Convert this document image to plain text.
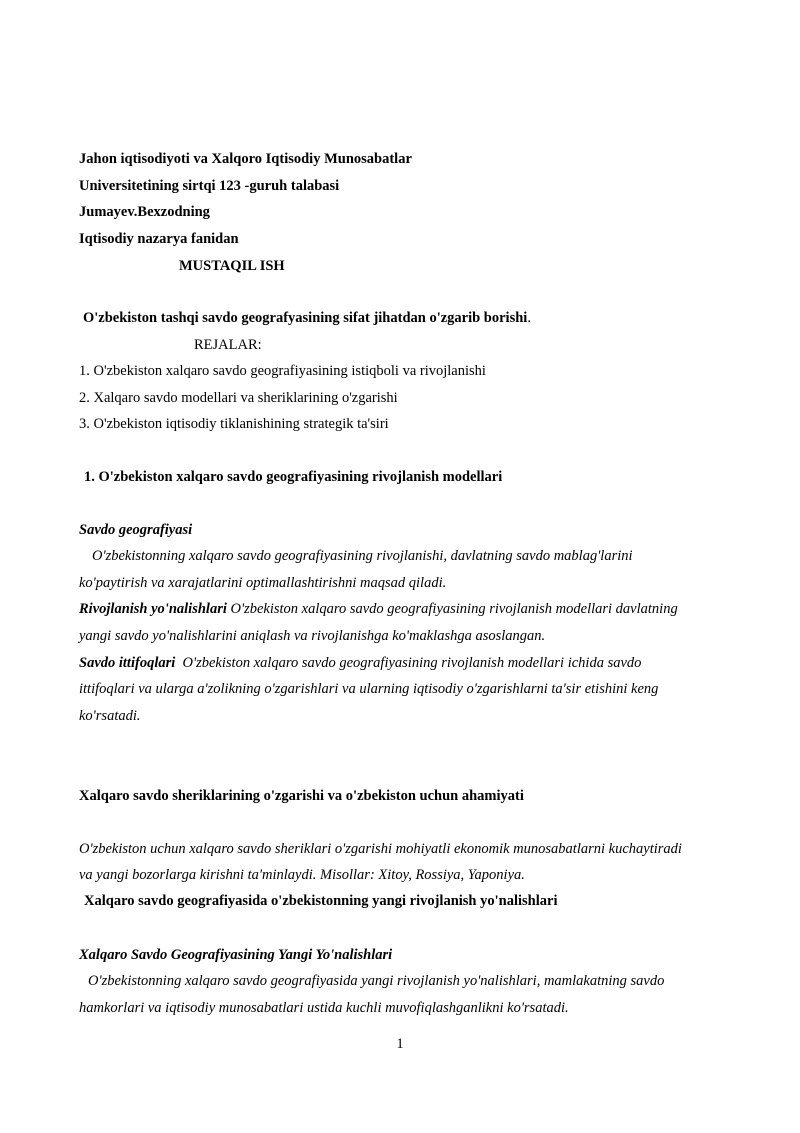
Jahon iqtisodiyoti va Xalqoro Iqtisodiy Munosabatlar
Universitetining sirtqi 123 -guruh talabasi
Jumayev.Bexzodning
Iqtisodiy nazarya fanidan
MUSTAQIL ISH
O'zbekiston tashqi savdo geografyasining sifat jihatdan o'zgarib borishi.
REJALAR:
1. O'zbekiston xalqaro savdo geografiyasining istiqboli va rivojlanishi
2. Xalqaro savdo modellari va sheriklarining o'zgarishi
3. O'zbekiston iqtisodiy tiklanishining strategik ta'siri
1. O'zbekiston xalqaro savdo geografiyasining rivojlanish modellari
Savdo geografiyasi
O'zbekistonning xalqaro savdo geografiyasining rivojlanishi, davlatning savdo mablag'larini
ko'paytirish va xarajatlarini optimallashtirishni maqsad qiladi.
Rivojlanish yo'nalishlari O'zbekiston xalqaro savdo geografiyasining rivojlanish modellari davlatning
yangi savdo yo'nalishlarini aniqlash va rivojlanishga ko'maklashga asoslangan.
Savdo ittifoqlari O'zbekiston xalqaro savdo geografiyasining rivojlanish modellari ichida savdo
ittifoqlari va ularga a'zolikning o'zgarishlari va ularning iqtisodiy o'zgarishlarni ta'sir etishini keng
ko'rsatadi.
Xalqaro savdo sheriklarining o'zgarishi va o'zbekiston uchun ahamiyati
O'zbekiston uchun xalqaro savdo sheriklari o'zgarishi mohiyatli ekonomik munosabatlarni kuchaytiradi
va yangi bozorlarga kirishni ta'minlaydi. Misollar: Xitoy, Rossiya, Yaponiya.
Xalqaro savdo geografiyasida o'zbekistonning yangi rivojlanish yo'nalishlari
Xalqaro Savdo Geografiyasining Yangi Yo'nalishlari
O'zbekistonning xalqaro savdo geografiyasida yangi rivojlanish yo'nalishlari, mamlakatning savdo
hamkorlari va iqtisodiy munosabatlari ustida kuchli muvofiqlashganlikni ko'rsatadi.
1
